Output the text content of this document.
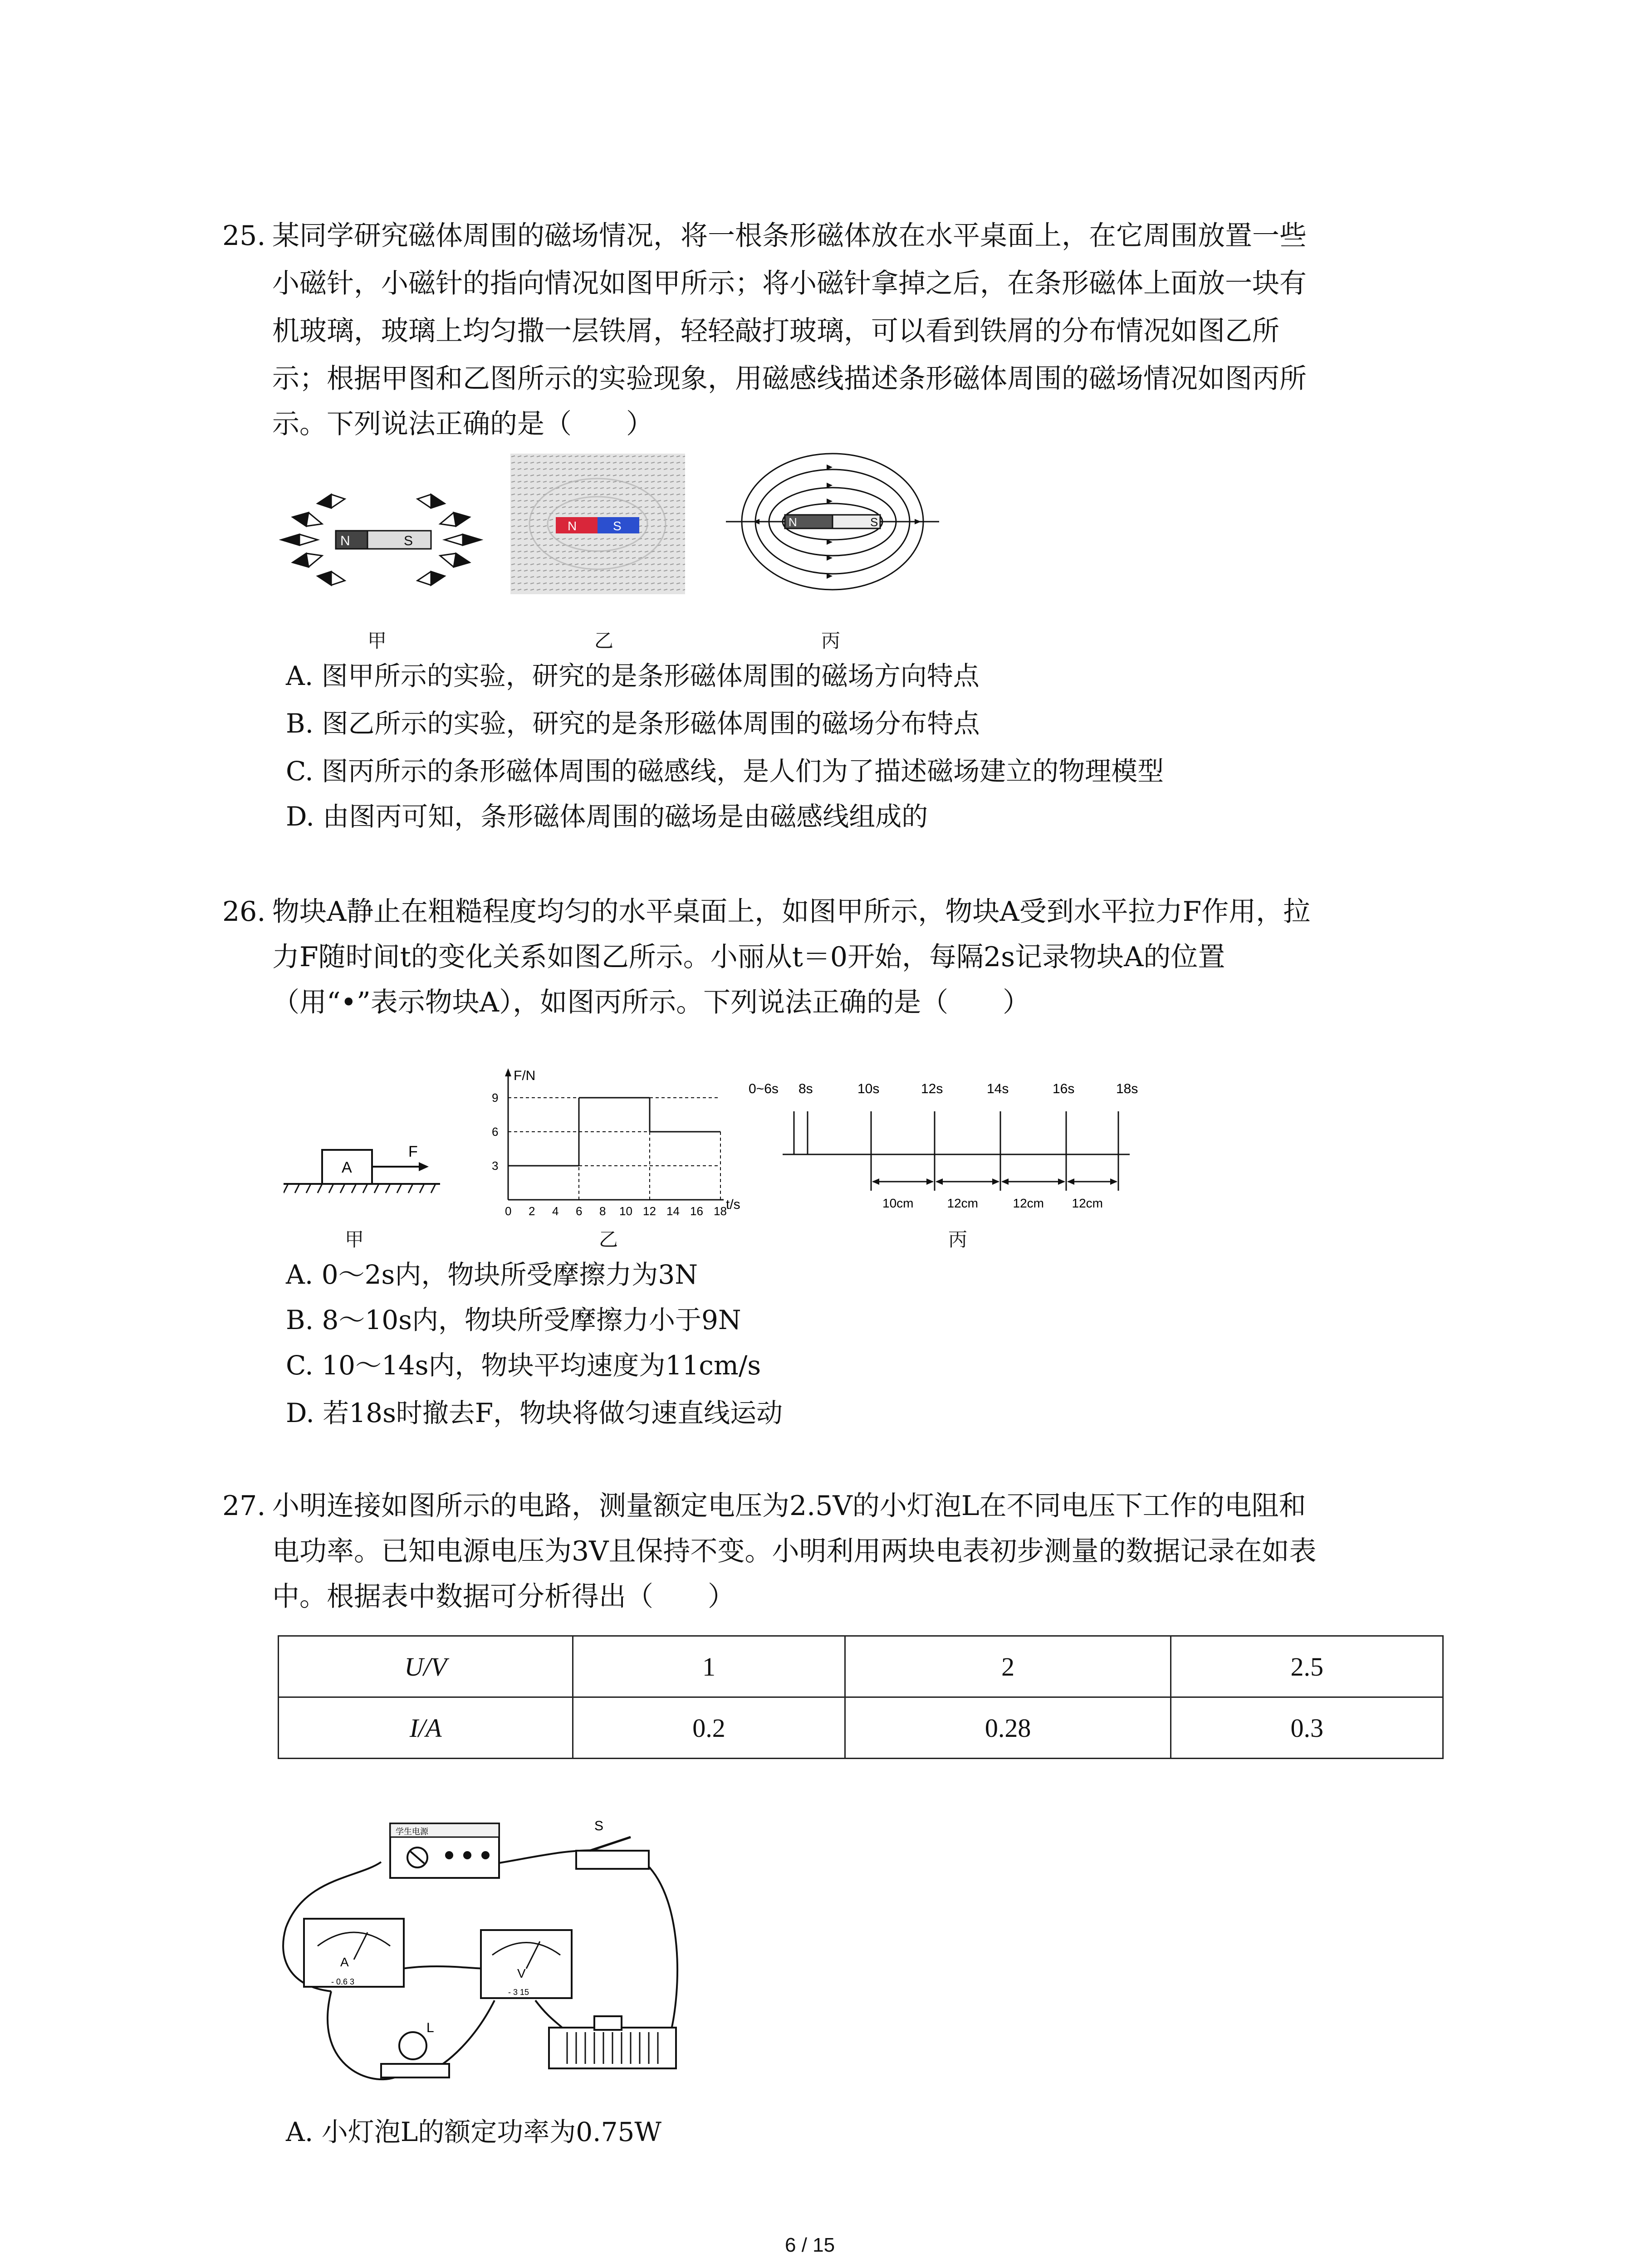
25. 某同学研究磁体周围的磁场情况，将一根条形磁体放在水平桌面上，在它周围放置一些
小磁针，小磁针的指向情况如图甲所示；将小磁针拿掉之后，在条形磁体上面放一块有
机玻璃，玻璃上均匀撒一层铁屑，轻轻敲打玻璃，可以看到铁屑的分布情况如图乙所
示；根据甲图和乙图所示的实验现象，用磁感线描述条形磁体周围的磁场情况如图丙所
示。下列说法正确的是（　　）
N	S
N	S	N	S
甲	乙	丙
A. 图甲所示的实验，研究的是条形磁体周围的磁场方向特点
B. 图乙所示的实验，研究的是条形磁体周围的磁场分布特点
C. 图丙所示的条形磁体周围的磁感线，是人们为了描述磁场建立的物理模型
D. 由图丙可知，条形磁体周围的磁场是由磁感线组成的
26. 物块A静止在粗糙程度均匀的水平桌面上，如图甲所示，物块A受到水平拉力F作用，拉
力F随时间t的变化关系如图乙所示。小丽从t＝0开始，每隔2s记录物块A的位置
（用“•”表示物块A），如图丙所示。下列说法正确的是（　　）
A
F
F/N
t/s
0 2 4 6 8 10 12 14 16 18
3
6
9
0~6s 8s	10s	12s	14s	16s	18s
10cm	12cm	12cm 12cm
甲	乙	丙
A. 0～2s内，物块所受摩擦力为3N
B. 8～10s内，物块所受摩擦力小于9N
C. 10～14s内，物块平均速度为11cm/s
D. 若18s时撤去F，物块将做匀速直线运动
27. 小明连接如图所示的电路，测量额定电压为2.5V的小灯泡L在不同电压下工作的电阻和
电功率。已知电源电压为3V且保持不变。小明利用两块电表初步测量的数据记录在如表
中。根据表中数据可分析得出（　　）
U/V	1	2	2.5
I/A	0.2	0.28	0.3
学生电源	S
A
- 0.6 3
V
- 3 15
L
A. 小灯泡L的额定功率为0.75W
6 / 15
